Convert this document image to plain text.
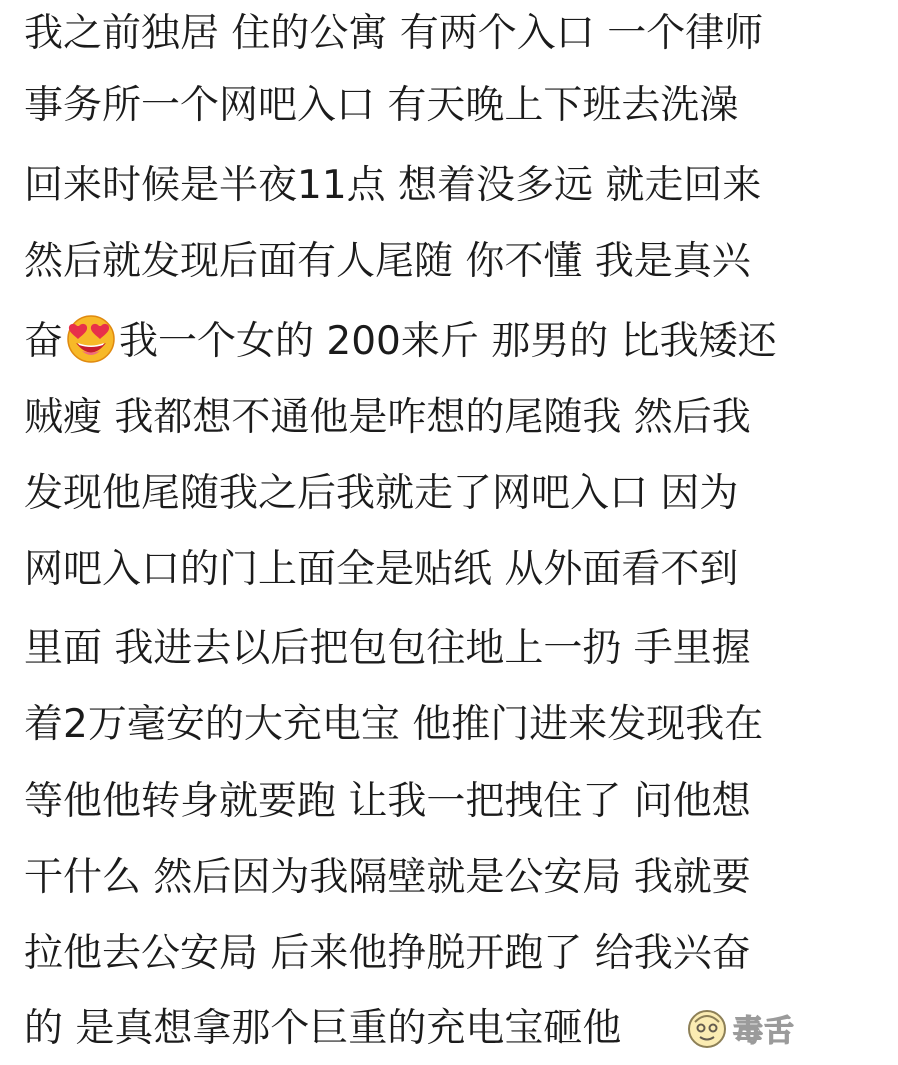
我之前独居 住的公寓 有两个入口 一个律师
事务所一个网吧入口 有天晚上下班去洗澡
回来时候是半夜11点 想着没多远 就走回来
然后就发现后面有人尾随 你不懂 我是真兴
奋 我一个女的 200来斤 那男的 比我矮还
贼瘦 我都想不通他是咋想的尾随我 然后我
发现他尾随我之后我就走了网吧入口 因为
网吧入口的门上面全是贴纸 从外面看不到
里面 我进去以后把包包往地上一扔 手里握
着2万毫安的大充电宝 他推门进来发现我在
等他他转身就要跑 让我一把拽住了 问他想
干什么 然后因为我隔壁就是公安局 我就要
拉他去公安局 后来他挣脱开跑了 给我兴奋
的 是真想拿那个巨重的充电宝砸他	毒舌
